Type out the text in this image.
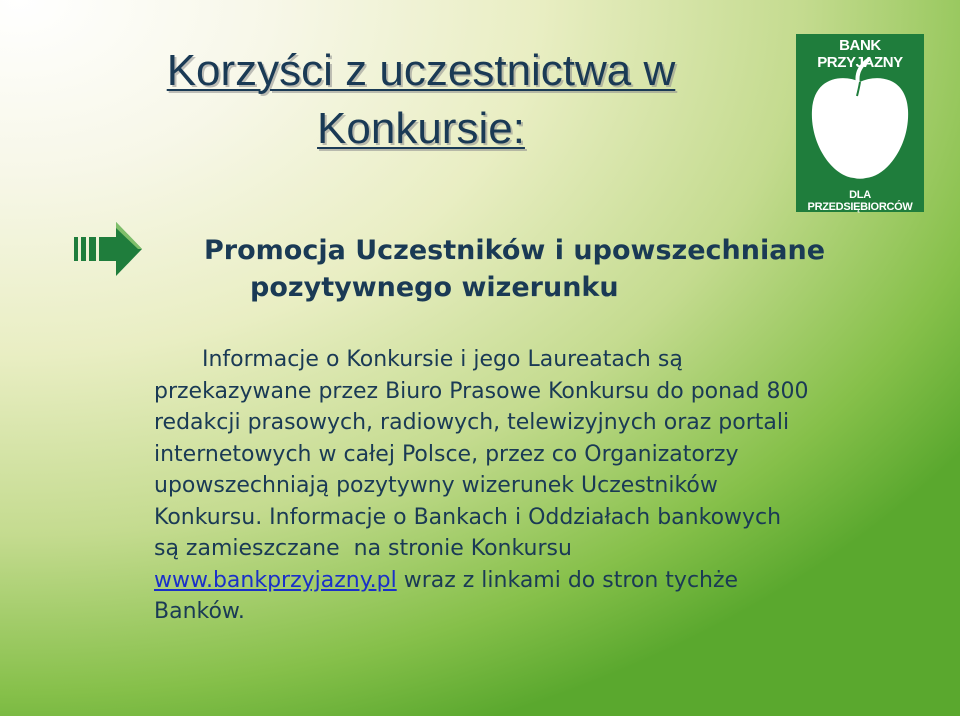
Korzyści z uczestnictwa w
Konkursie:
BANK PRZYJAZNY
DLA PRZEDSIĘBIORCÓW
Promocja Uczestników i upowszechniane
pozytywnego wizerunku
Informacje o Konkursie i jego Laureatach są
przekazywane przez Biuro Prasowe Konkursu do ponad 800
redakcji prasowych, radiowych, telewizyjnych oraz portali
internetowych w całej Polsce, przez co Organizatorzy
upowszechniają pozytywny wizerunek Uczestników
Konkursu. Informacje o Bankach i Oddziałach bankowych
są zamieszczane  na stronie Konkursu
www.bankprzyjazny.pl wraz z linkami do stron tychże
Banków.
